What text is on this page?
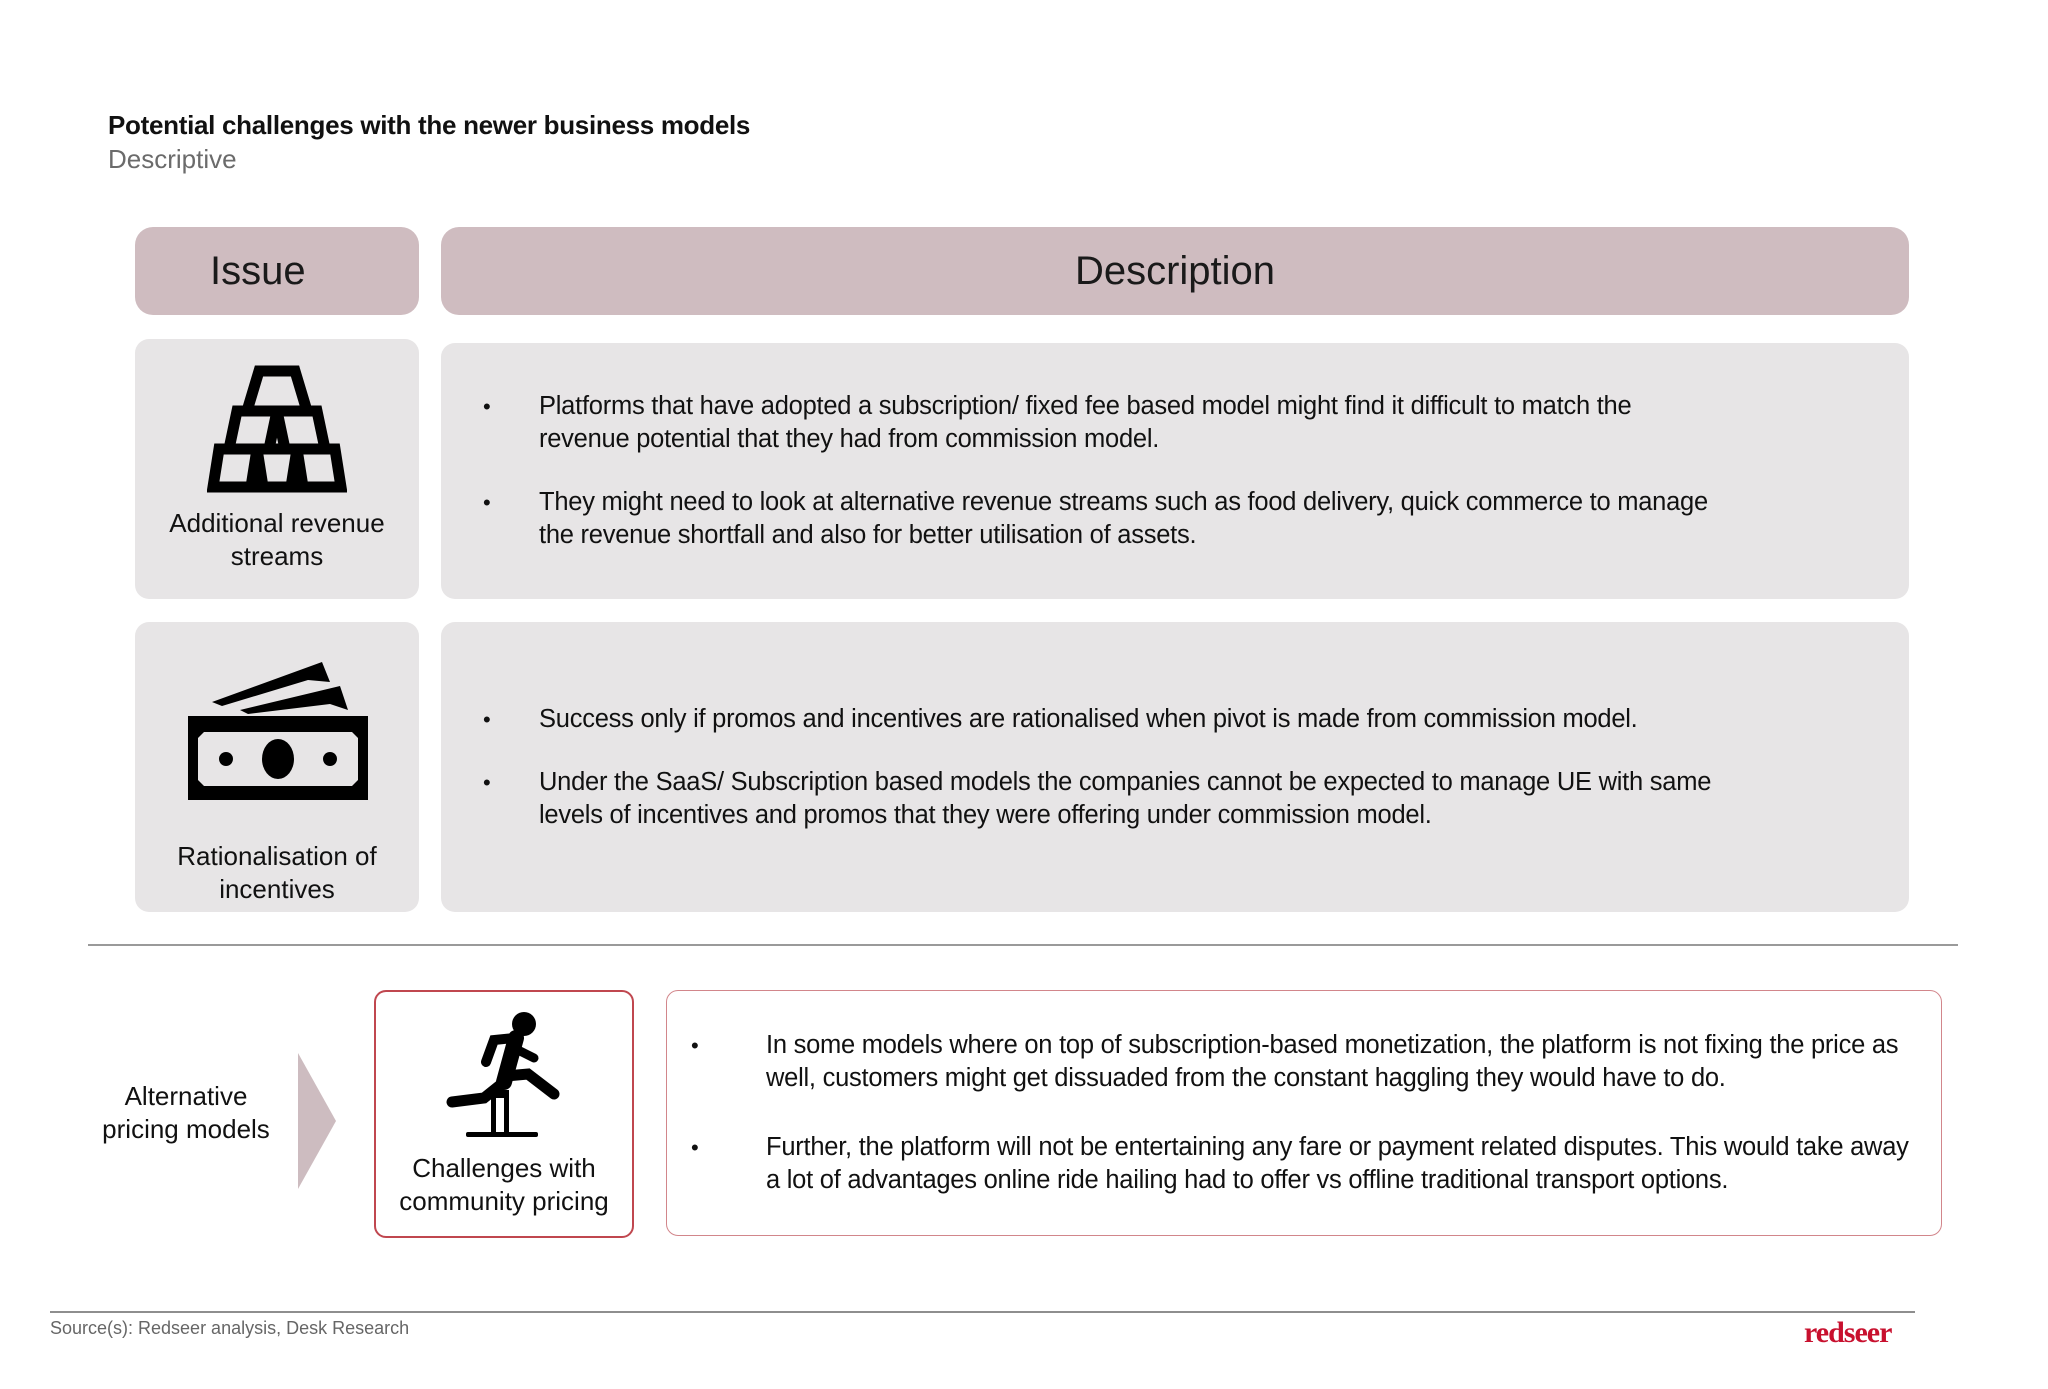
Potential challenges with the newer business models
Descriptive
Issue	Description
Additional revenue
streams
•	Platforms that have adopted a subscription/ fixed fee based model might find it difficult to match the revenue potential that they had from commission model.
•	They might need to look at alternative revenue streams such as food delivery, quick commerce to manage the revenue shortfall and also for better utilisation of assets.
Rationalisation of
incentives
•	Success only if promos and incentives are rationalised when pivot is made from commission model.
•	Under the SaaS/ Subscription based models the companies cannot be expected to manage UE with same levels of incentives and promos that they were offering under commission model.
Alternative
pricing models
Challenges with
community pricing
•	In some models where on top of subscription-based monetization, the platform is not fixing the price as well, customers might get dissuaded from the constant haggling they would have to do.
•	Further, the platform will not be entertaining any fare or payment related disputes. This would take away a lot of advantages online ride hailing had to offer vs offline traditional transport options.
Source(s): Redseer analysis, Desk Research	redseer
